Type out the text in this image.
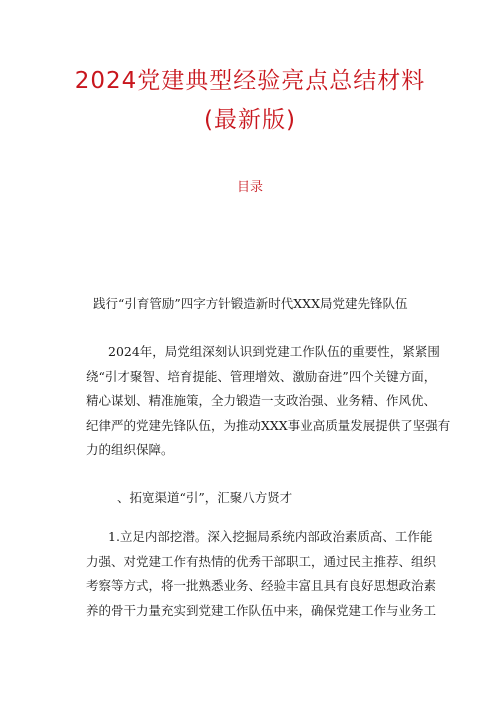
2024党建典型经验亮点总结材料
(最新版)
目录
践行“引育管励”四字方针锻造新时代XXX局党建先锋队伍
2024年，局党组深刻认识到党建工作队伍的重要性，紧紧围
绕“引才聚智、培育提能、管理增效、激励奋进”四个关键方面，
精心谋划、精准施策，全力锻造一支政治强、业务精、作风优、
纪律严的党建先锋队伍，为推动XXX事业高质量发展提供了坚强有
力的组织保障。
、拓宽渠道“引”，汇聚八方贤才
1.立足内部挖潜。深入挖掘局系统内部政治素质高、工作能
力强、对党建工作有热情的优秀干部职工，通过民主推荐、组织
考察等方式，将一批熟悉业务、经验丰富且具有良好思想政治素
养的骨干力量充实到党建工作队伍中来，确保党建工作与业务工
